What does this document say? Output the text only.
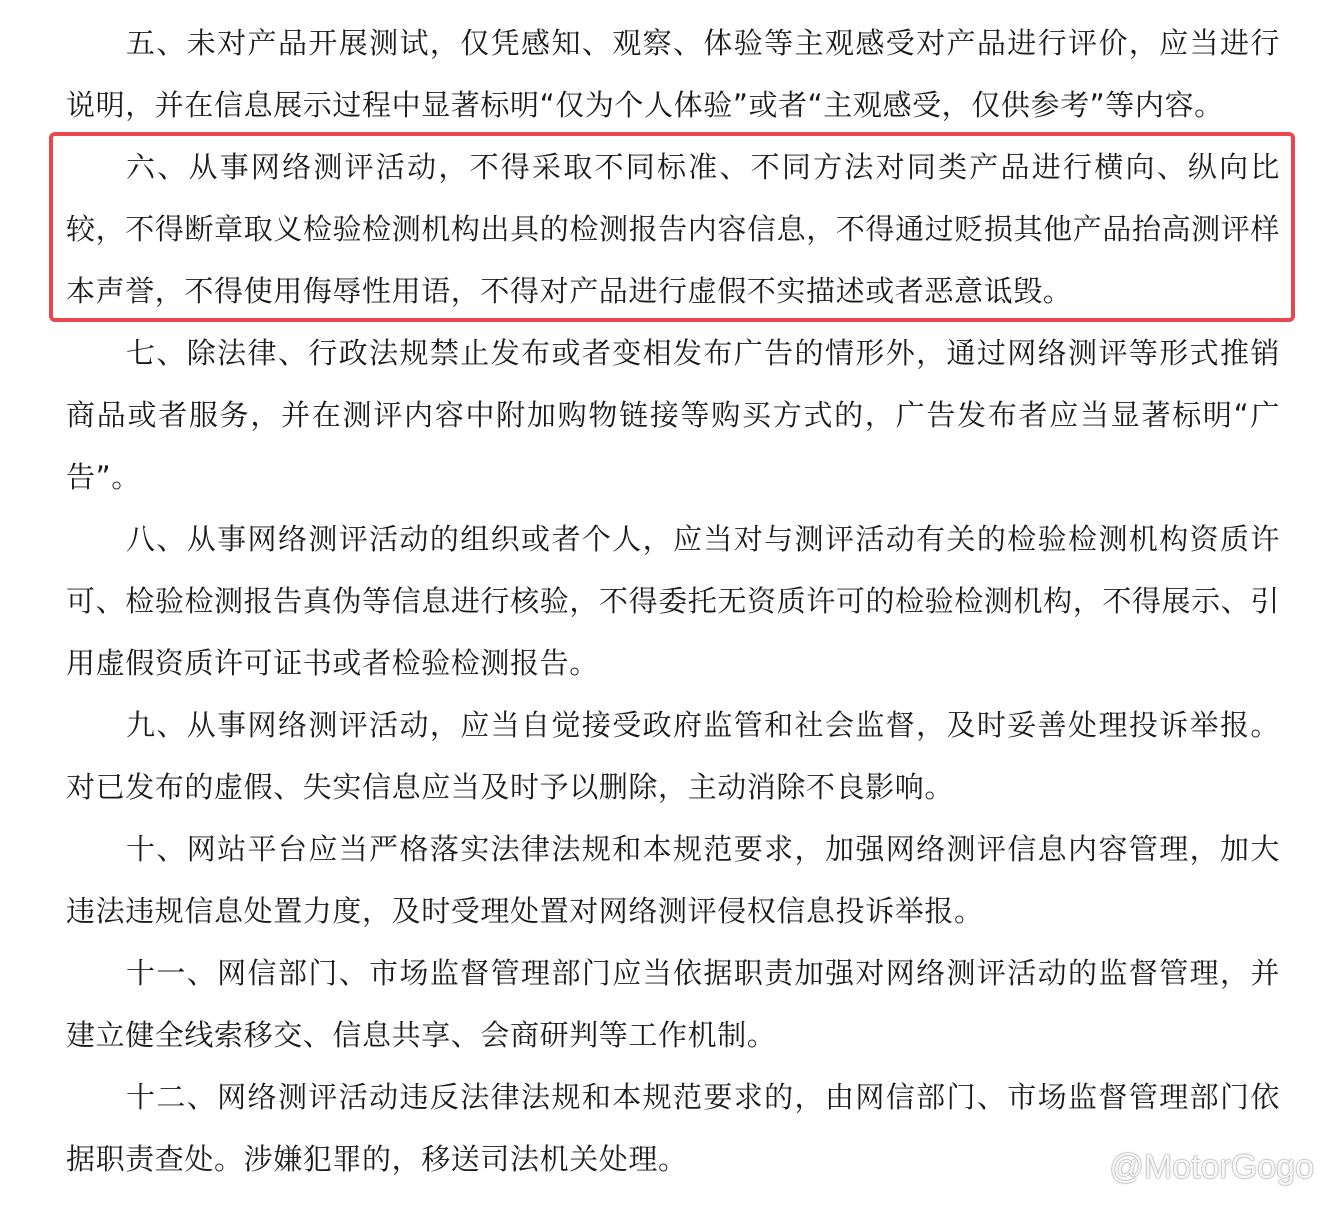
五、未对产品开展测试，仅凭感知、观察、体验等主观感受对产品进行评价，应当进行说明，并在信息展示过程中显著标明“仅为个人体验”或者“主观感受，仅供参考”等内容。

六、从事网络测评活动，不得采取不同标准、不同方法对同类产品进行横向、纵向比较，不得断章取义检验检测机构出具的检测报告内容信息，不得通过贬损其他产品抬高测评样本声誉，不得使用侮辱性用语，不得对产品进行虚假不实描述或者恶意诋毁。

七、除法律、行政法规禁止发布或者变相发布广告的情形外，通过网络测评等形式推销商品或者服务，并在测评内容中附加购物链接等购买方式的，广告发布者应当显著标明“广告”。

八、从事网络测评活动的组织或者个人，应当对与测评活动有关的检验检测机构资质许可、检验检测报告真伪等信息进行核验，不得委托无资质许可的检验检测机构，不得展示、引用虚假资质许可证书或者检验检测报告。

九、从事网络测评活动，应当自觉接受政府监管和社会监督，及时妥善处理投诉举报。对已发布的虚假、失实信息应当及时予以删除，主动消除不良影响。

十、网站平台应当严格落实法律法规和本规范要求，加强网络测评信息内容管理，加大违法违规信息处置力度，及时受理处置对网络测评侵权信息投诉举报。

十一、网信部门、市场监督管理部门应当依据职责加强对网络测评活动的监督管理，并建立健全线索移交、信息共享、会商研判等工作机制。

十二、网络测评活动违反法律法规和本规范要求的，由网信部门、市场监督管理部门依据职责查处。涉嫌犯罪的，移送司法机关处理。	@MotorGogo
